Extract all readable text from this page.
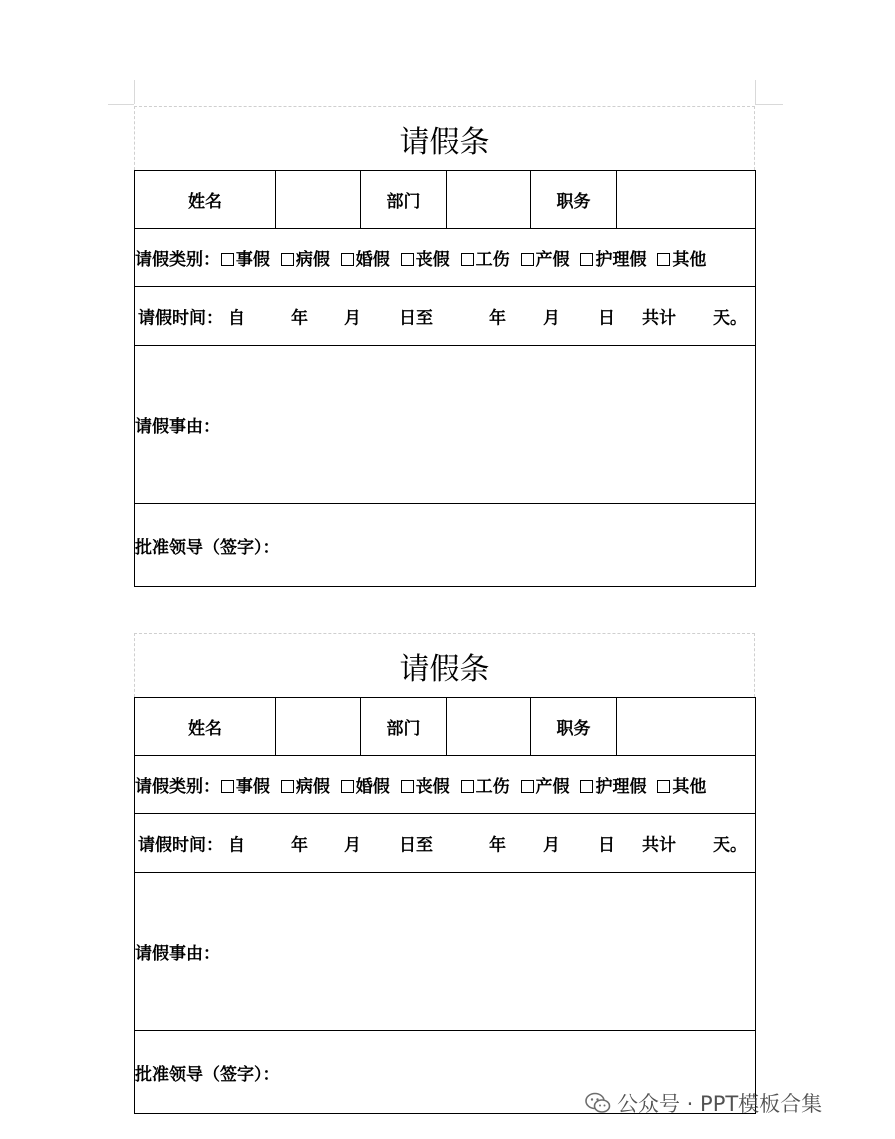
请假条
姓名		部门		职务	
请假类别： 事假 病假 婚假 丧假 工伤 产假 护理假 其他

请假时间： 自	年 月 日至	年 月 日 共计 天。

请假事由：
批准领导（签字）：
请假条
姓名		部门		职务	
请假类别： 事假 病假 婚假 丧假 工伤 产假 护理假 其他

请假时间： 自	年 月 日至	年 月 日 共计 天。

请假事由：
批准领导（签字）：
公众号 · PPT模板合集
